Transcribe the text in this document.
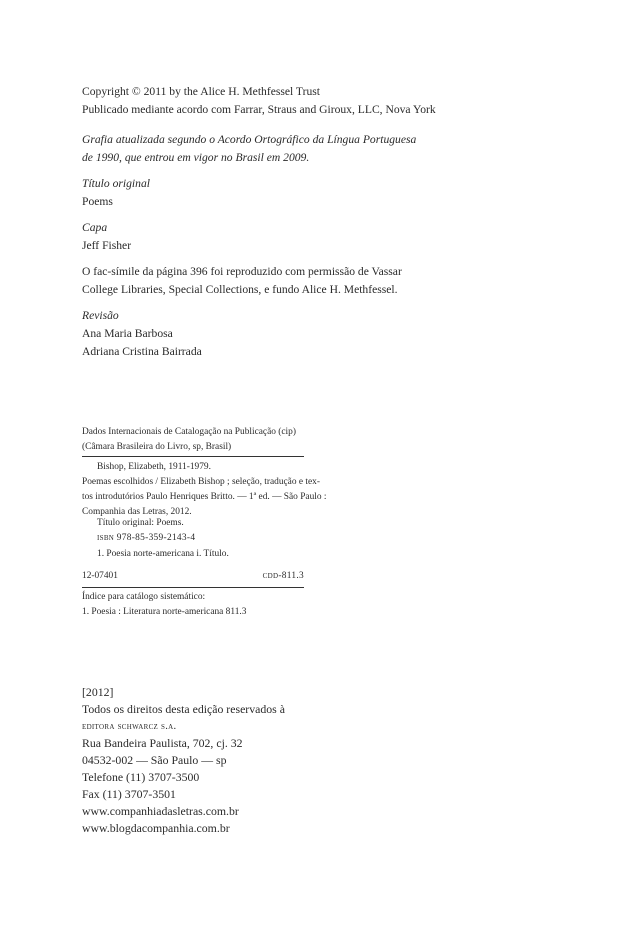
Copyright © 2011 by the Alice H. Methfessel Trust
Publicado mediante acordo com Farrar, Straus and Giroux, LLC, Nova York
Grafia atualizada segundo o Acordo Ortográfico da Língua Portuguesa
de 1990, que entrou em vigor no Brasil em 2009.
Título original
Poems
Capa
Jeff Fisher
O fac-símile da página 396 foi reproduzido com permissão de Vassar
College Libraries, Special Collections, e fundo Alice H. Methfessel.
Revisão
Ana Maria Barbosa
Adriana Cristina Bairrada
Dados Internacionais de Catalogação na Publicação (cip)
(Câmara Brasileira do Livro, sp, Brasil)
Bishop, Elizabeth, 1911-1979.
Poemas escolhidos / Elizabeth Bishop ; seleção, tradução e tex-
tos introdutórios Paulo Henriques Britto. — 1ª ed. — São Paulo :
Companhia das Letras, 2012.
Título original: Poems.
isbn 978-85-359-2143-4
1. Poesia norte-americana i. Título.
12-07401	cdd-811.3
Índice para catálogo sistemático:
1. Poesia : Literatura norte-americana 811.3
[2012]
Todos os direitos desta edição reservados à
editora schwarcz s.a.
Rua Bandeira Paulista, 702, cj. 32
04532-002 — São Paulo — sp
Telefone (11) 3707-3500
Fax (11) 3707-3501
www.companhiadasletras.com.br
www.blogdacompanhia.com.br
